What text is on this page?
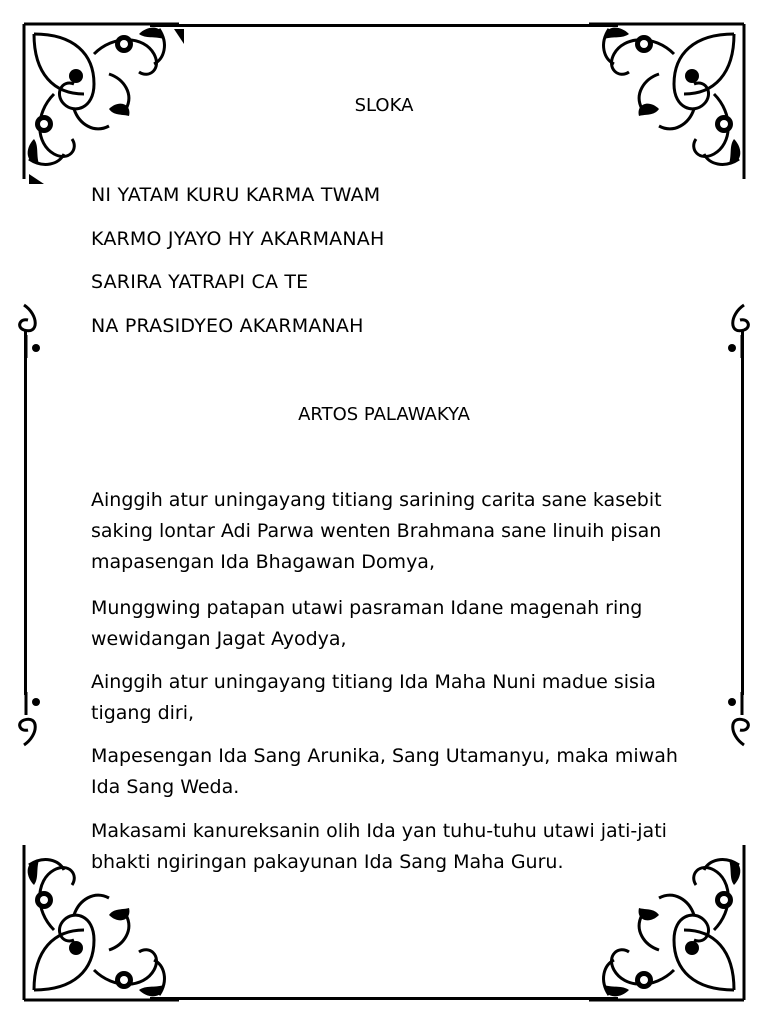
SLOKA

NI YATAM KURU KARMA TWAM

KARMO JYAYO HY AKARMANAH

SARIRA YATRAPI CA TE

NA PRASIDYEO AKARMANAH

ARTOS PALAWAKYA

Ainggih atur uningayang titiang sarining carita sane kasebit saking lontar Adi Parwa wenten Brahmana sane linuih pisan mapasengan Ida Bhagawan Domya,

Munggwing patapan utawi pasraman Idane magenah ring wewidangan Jagat Ayodya,

Ainggih atur uningayang titiang Ida Maha Nuni madue sisia tigang diri,

Mapesengan Ida Sang Arunika, Sang Utamanyu, maka miwah Ida Sang Weda.

Makasami kanureksanin olih Ida yan tuhu-tuhu utawi jati-jati bhakti ngiringan pakayunan Ida Sang Maha Guru.
